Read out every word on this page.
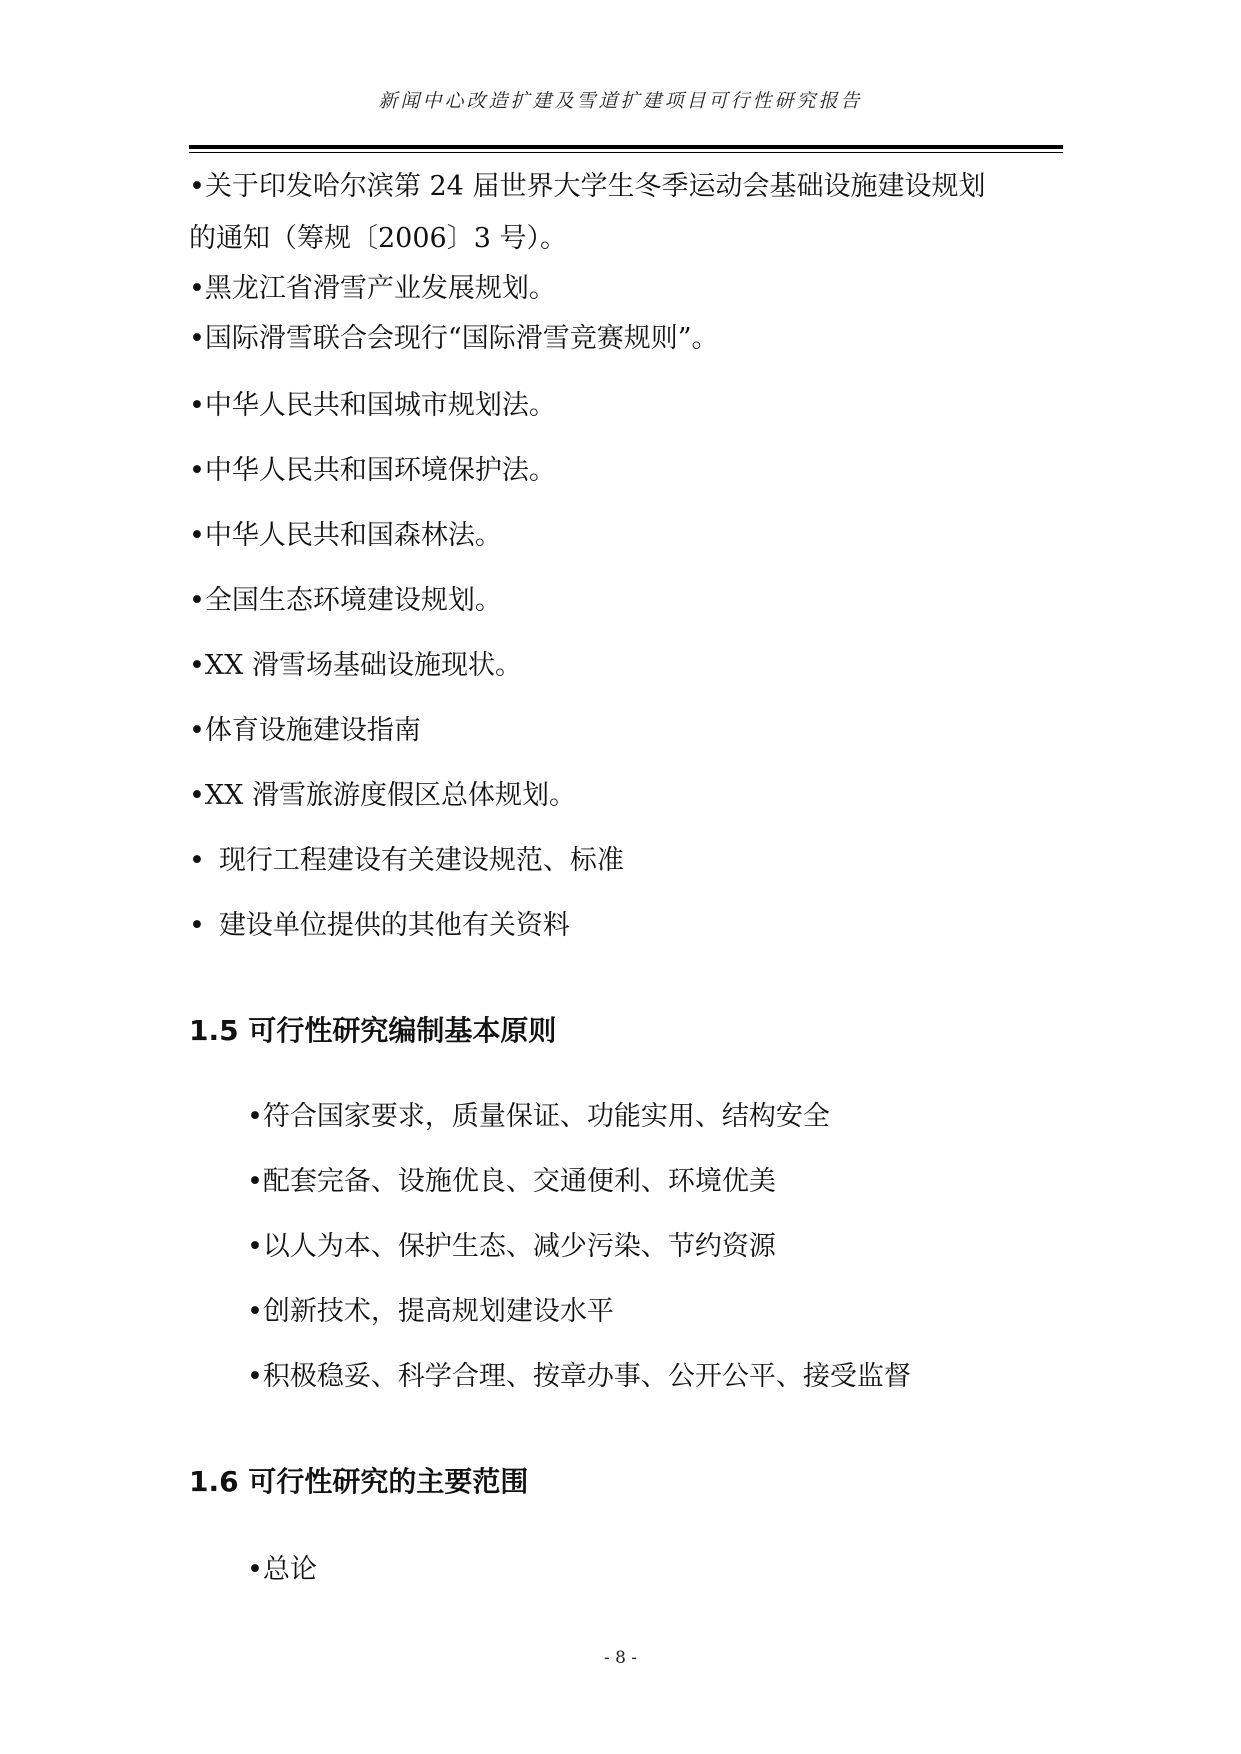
新闻中心改造扩建及雪道扩建项目可行性研究报告
•关于印发哈尔滨第 24 届世界大学生冬季运动会基础设施建设规划
的通知（筹规〔2006〕3 号）。
•黑龙江省滑雪产业发展规划。
•国际滑雪联合会现行“国际滑雪竞赛规则”。
•中华人民共和国城市规划法。
•中华人民共和国环境保护法。
•中华人民共和国森林法。
•全国生态环境建设规划。
•XX 滑雪场基础设施现状。
•体育设施建设指南
•XX 滑雪旅游度假区总体规划。
• 现行工程建设有关建设规范、标准
• 建设单位提供的其他有关资料
1.5 可行性研究编制基本原则
•符合国家要求，质量保证、功能实用、结构安全
•配套完备、设施优良、交通便利、环境优美
•以人为本、保护生态、减少污染、节约资源
•创新技术，提高规划建设水平
•积极稳妥、科学合理、按章办事、公开公平、接受监督
1.6 可行性研究的主要范围
•总论
- 8 -
